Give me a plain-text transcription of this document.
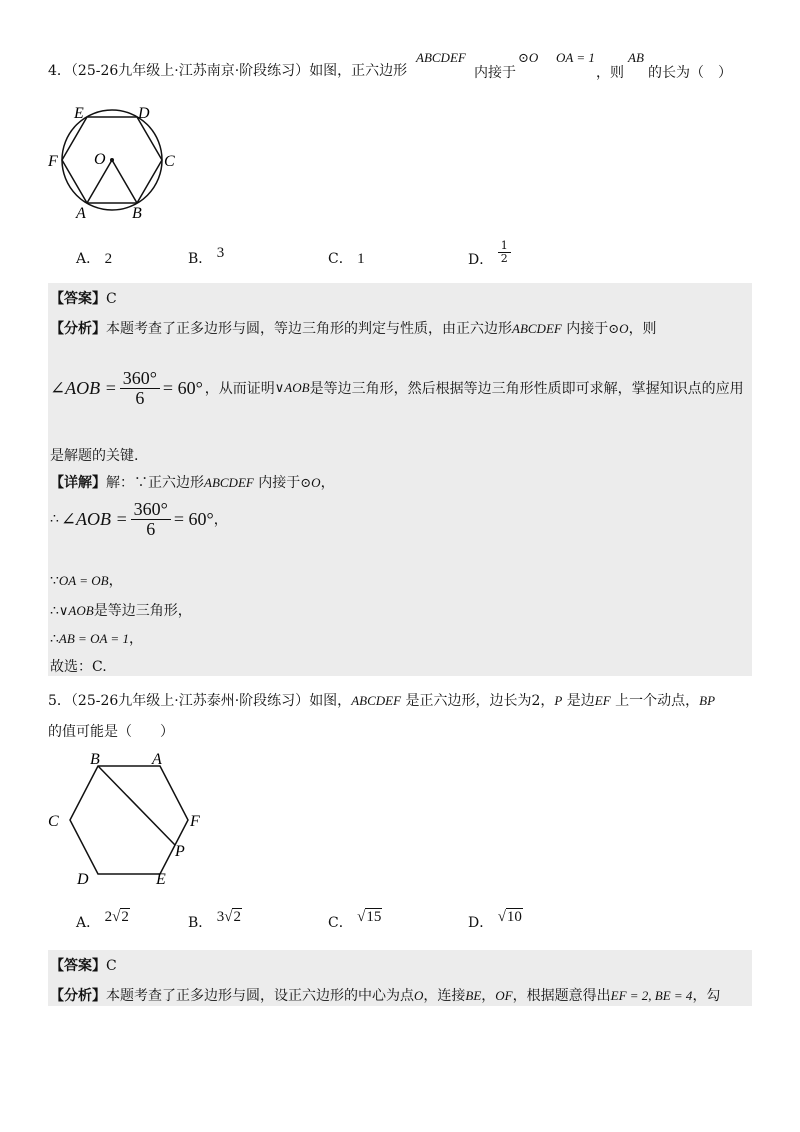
4．（25-26九年级上·江苏南京·阶段练习）如图，正六边形
ABCDEF
内接于
⊙O OA = 1
，则
AB
的长为（　）
E	D
F O	C
A	B
A． 2	B． 3	C． 1	D． $\frac{1}{2}$
【答案】C
【分析】本题考查了正多边形与圆，等边三角形的判定与性质，由正六边形ABCDEF 内接于⊙O，则
∠AOB = $\frac{360^\circ}{6} = 60^\circ$ ，从而证明 ∨AOB 是等边三角形，然后根据等边三角形性质即可求解，掌握知识点的应用
是解题的关键.
【详解】解：∵正六边形ABCDEF 内接于⊙O，
∴ ∠AOB = $\frac{360^\circ}{6} = 60^\circ$ ，
∵OA = OB，
∴∨AOB是等边三角形，
∴AB = OA = 1，
故选：C.
5．（25-26九年级上·江苏泰州·阶段练习）如图，ABCDEF 是正六边形，边长为2，P 是边EF 上一个动点，BP
的值可能是（　　）
B	A
C	F
P
D	E
A． 2√2	B． 3√2	C． √15	D． √10
【答案】C
【分析】本题考查了正多边形与圆，设正六边形的中心为点O，连接BE，OF，根据题意得出EF = 2, BE = 4，勾
